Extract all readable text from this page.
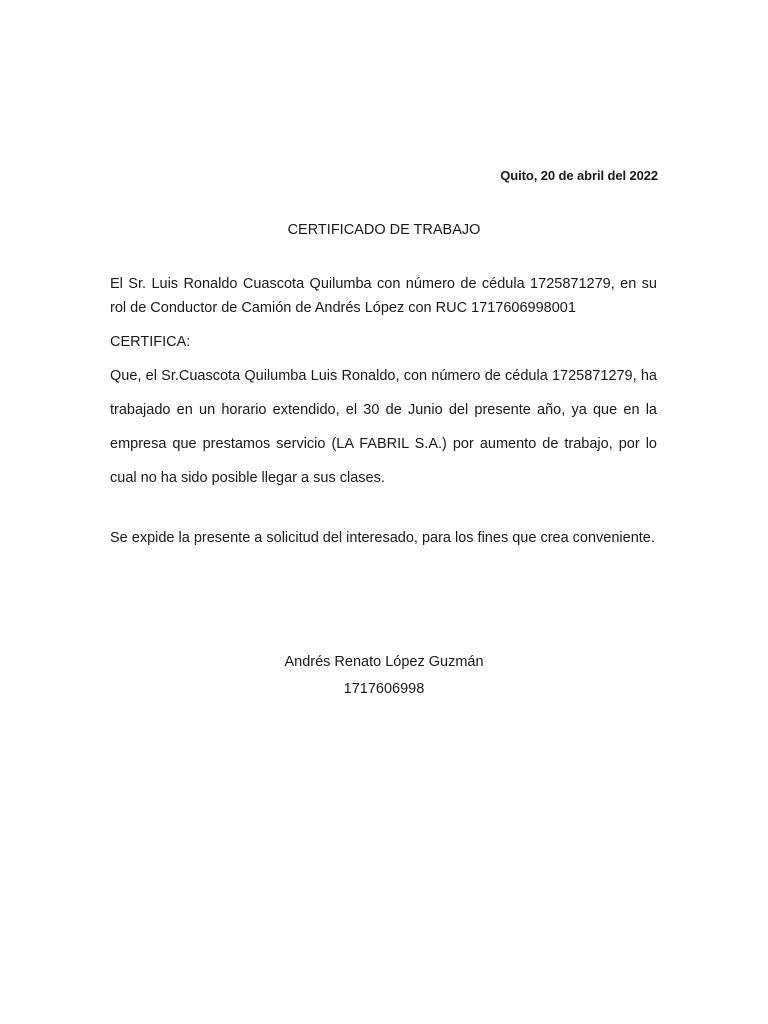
Quito, 20 de abril del 2022
CERTIFICADO DE TRABAJO

El Sr. Luis Ronaldo Cuascota Quilumba con número de cédula 1725871279, en su rol de Conductor de Camión de Andrés López con RUC 1717606998001

CERTIFICA:

Que, el Sr.Cuascota Quilumba Luis Ronaldo, con número de cédula 1725871279, ha trabajado en un horario extendido, el 30 de Junio del presente año, ya que en la empresa que prestamos servicio (LA FABRIL S.A.) por aumento de trabajo, por lo cual no ha sido posible llegar a sus clases.

Se expide la presente a solicitud del interesado, para los fines que crea conveniente.

Andrés Renato López Guzmán
1717606998
